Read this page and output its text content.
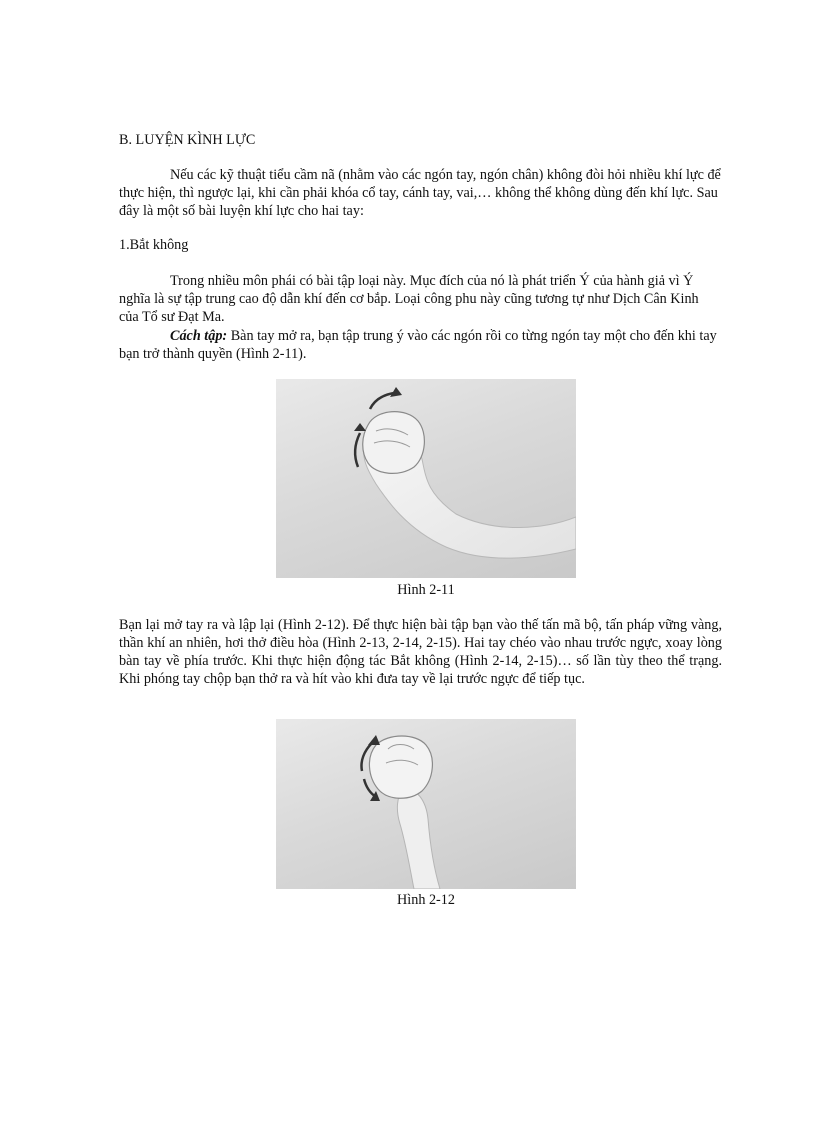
B. LUYỆN KÌNH LỰC

Nếu các kỹ thuật tiểu cầm nã (nhằm vào các ngón tay, ngón chân) không đòi hỏi nhiều khí lực để thực hiện, thì ngược lại, khi cần phải khóa cổ tay, cánh tay, vai,… không thể không dùng đến khí lực. Sau đây là một số bài luyện khí lực cho hai tay:

1.Bắt không

Trong nhiều môn phái có bài tập loại này. Mục đích của nó là phát triển Ý của hành giả vì Ý nghĩa là sự tập trung cao độ dẫn khí đến cơ bắp. Loại công phu này cũng tương tự như Dịch Cân Kinh của Tổ sư Đạt Ma.

Cách tập: Bàn tay mở ra, bạn tập trung ý vào các ngón rồi co từng ngón tay một cho đến khi tay bạn trở thành quyền (Hình 2-11).

Hình 2-11

Bạn lại mở tay ra và lập lại (Hình 2-12). Để thực hiện bài tập bạn vào thế tấn mã bộ, tấn pháp vững vàng, thần khí an nhiên, hơi thở điều hòa (Hình 2-13, 2-14, 2-15). Hai tay chéo vào nhau trước ngực, xoay lòng bàn tay về phía trước. Khi thực hiện động tác Bắt không (Hình 2-14, 2-15)… số lần tùy theo thể trạng. Khi phóng tay chộp bạn thở ra và hít vào khi đưa tay về lại trước ngực để tiếp tục.

Hình 2-12
